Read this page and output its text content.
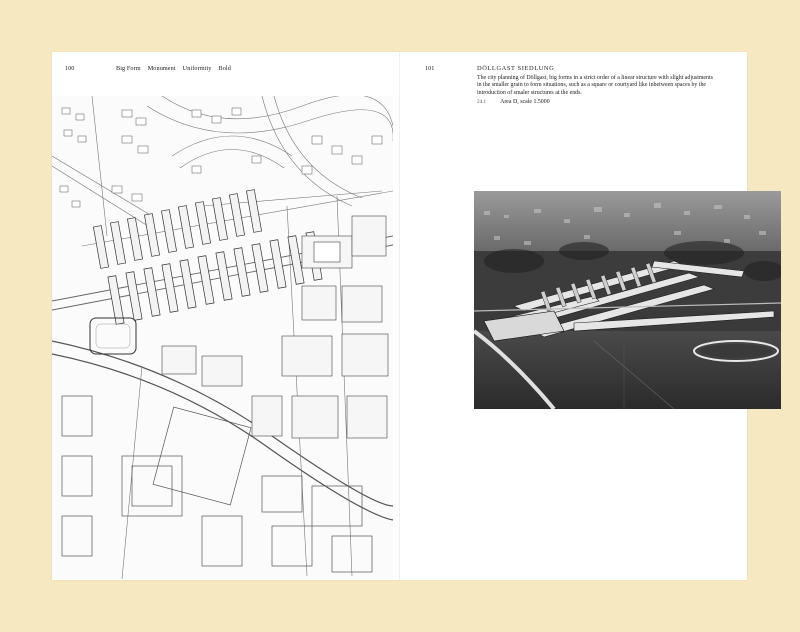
100	Big Form Monument Uniformity Bold	101	DÖLLGAST SIEDLUNG

The city planning of Döllgast, big forms in a strict order of a linear structure with slight adjustments in the smaller grain to form situations, such as a square or courtyard like inbetween spaces by the introduction of smaler structures at the ends.

24.1 Area D, scale 1.5000
